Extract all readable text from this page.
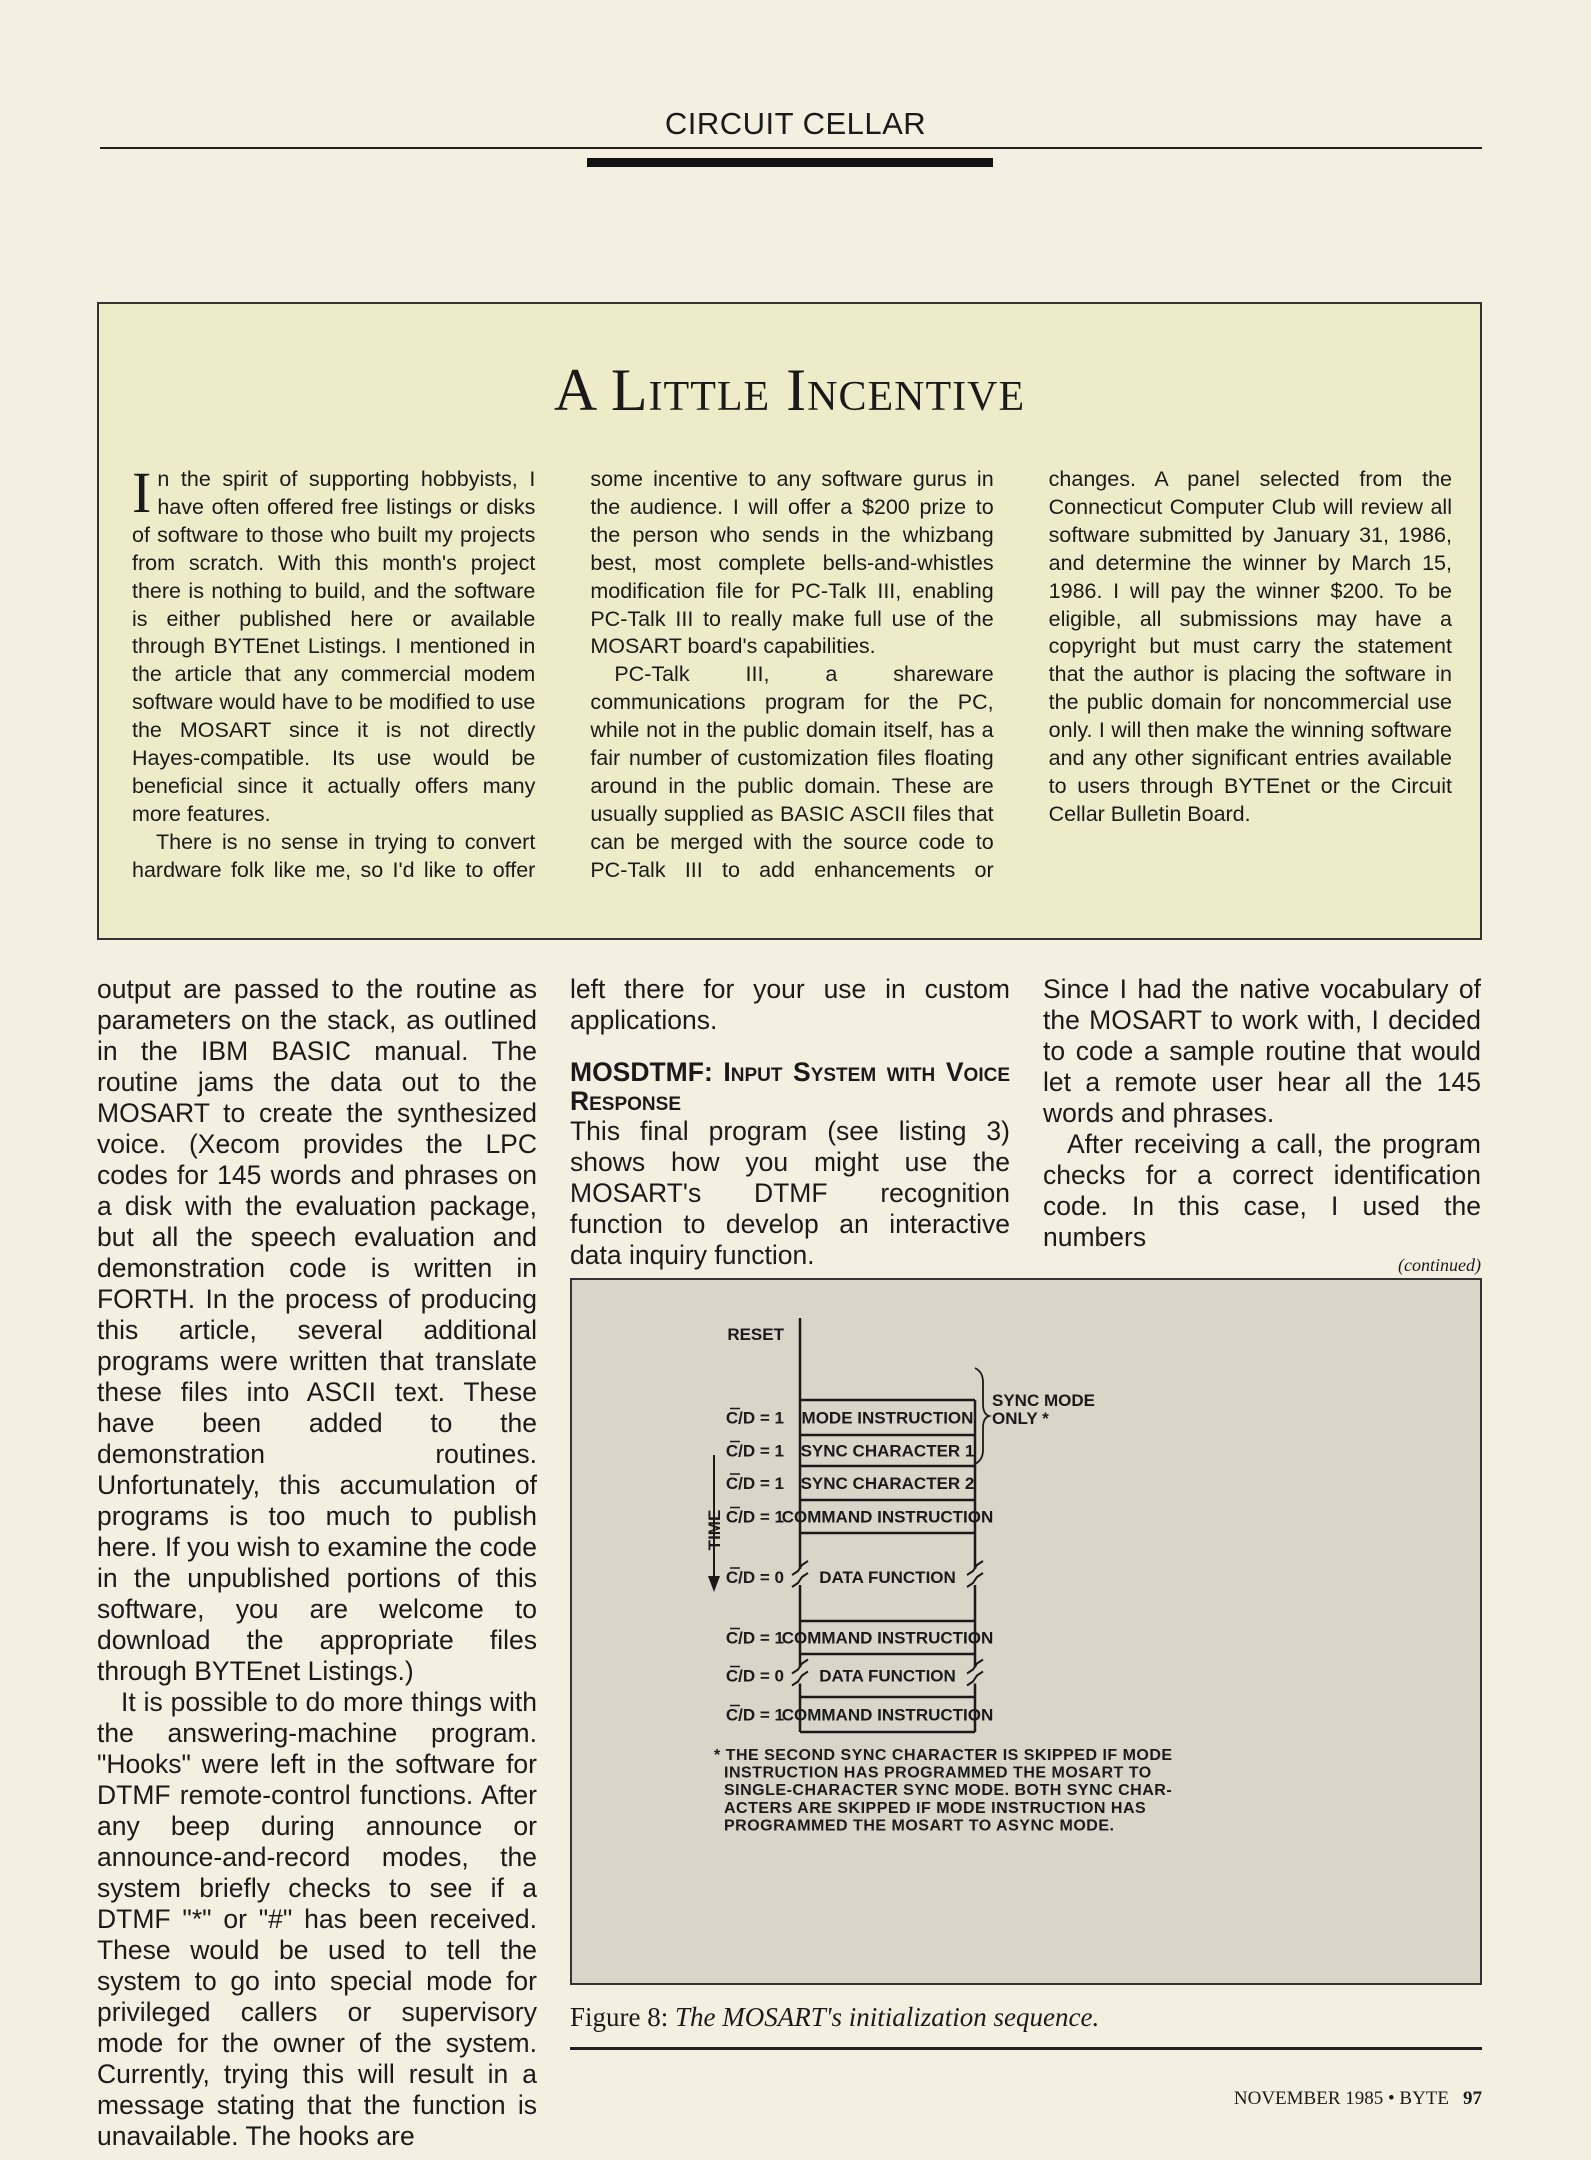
CIRCUIT CELLAR
A Little Incentive

In the spirit of supporting hobbyists, I have often offered free listings or disks of software to those who built my projects from scratch. With this month's project there is nothing to build, and the software is either published here or available through BYTEnet Listings. I mentioned in the article that any commercial modem software would have to be modified to use the MOSART since it is not directly Hayes-compatible. Its use would be beneficial since it actually offers many more features.

There is no sense in trying to convert hardware folk like me, so I'd like to offer some incentive to any software gurus in the audience. I will offer a $200 prize to the person who sends in the whizbang best, most complete bells-and-whistles modification file for PC-Talk III, enabling PC-Talk III to really make full use of the MOSART board's capabilities.

PC-Talk III, a shareware communications program for the PC, while not in the public domain itself, has a fair number of customization files floating around in the public domain. These are usually supplied as BASIC ASCII files that can be merged with the source code to PC-Talk III to add enhancements or changes. A panel selected from the Connecticut Computer Club will review all software submitted by January 31, 1986, and determine the winner by March 15, 1986. I will pay the winner $200. To be eligible, all submissions may have a copyright but must carry the statement that the author is placing the software in the public domain for noncommercial use only. I will then make the winning software and any other significant entries available to users through BYTEnet or the Circuit Cellar Bulletin Board.

output are passed to the routine as parameters on the stack, as outlined in the IBM BASIC manual. The routine jams the data out to the MOSART to create the synthesized voice. (Xecom provides the LPC codes for 145 words and phrases on a disk with the evaluation package, but all the speech evaluation and demonstration code is written in FORTH. In the process of producing this article, several additional programs were written that translate these files into ASCII text. These have been added to the demonstration routines. Unfortunately, this accumulation of programs is too much to publish here. If you wish to examine the code in the unpublished portions of this software, you are welcome to download the appropriate files through BYTEnet Listings.)

It is possible to do more things with the answering-machine program. "Hooks" were left in the software for DTMF remote-control functions. After any beep during announce or announce-and-record modes, the system briefly checks to see if a DTMF "*" or "#" has been received. These would be used to tell the system to go into special mode for privileged callers or supervisory mode for the owner of the system. Currently, trying this will result in a message stating that the function is unavailable. The hooks are

left there for your use in custom applications.

MOSDTMF: Input System with Voice Response

This final program (see listing 3) shows how you might use the MOSART's DTMF recognition function to develop an interactive data inquiry function.

Since I had the native vocabulary of the MOSART to work with, I decided to code a sample routine that would let a remote user hear all the 145 words and phrases.

After receiving a call, the program checks for a correct identification code. In this case, I used the numbers

(continued)
RESET
TIME
SYNC MODE
ONLY *
C/D = 1 MODE INSTRUCTION
C/D = 1 SYNC CHARACTER 1
C/D = 1 SYNC CHARACTER 2
C/D = 1
COMMAND INSTRUCTION
C/D = 0 DATA FUNCTION
C/D = 1
COMMAND INSTRUCTION
C/D = 0 DATA FUNCTION
C/D = 1
COMMAND INSTRUCTION
* THE SECOND SYNC CHARACTER IS SKIPPED IF MODE
INSTRUCTION HAS PROGRAMMED THE MOSART TO
SINGLE-CHARACTER SYNC MODE. BOTH SYNC CHAR-
ACTERS ARE SKIPPED IF MODE INSTRUCTION HAS
PROGRAMMED THE MOSART TO ASYNC MODE.
Figure 8: The MOSART's initialization sequence.
NOVEMBER 1985 • BYTE 97
